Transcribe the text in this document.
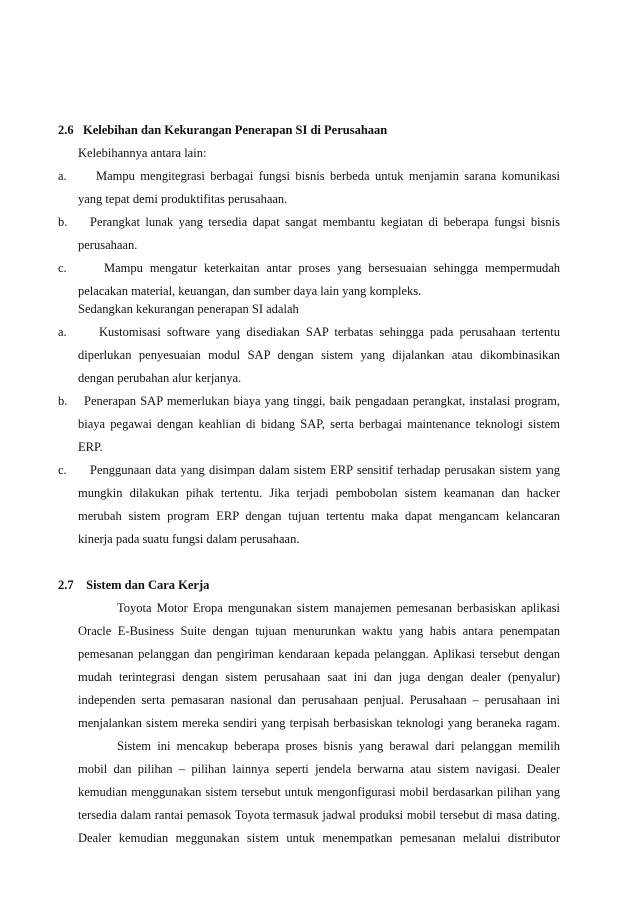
2.6 Kelebihan dan Kekurangan Penerapan SI di Perusahaan
Kelebihannya antara lain:
a. Mampu mengitegrasi berbagai fungsi bisnis berbeda untuk menjamin sarana komunikasi
yang tepat demi produktifitas perusahaan.
b. Perangkat lunak yang tersedia dapat sangat membantu kegiatan di beberapa fungsi bisnis
perusahaan.
c.	Mampu mengatur keterkaitan antar proses yang bersesuaian sehingga mempermudah
pelacakan material, keuangan, dan sumber daya lain yang kompleks.
Sedangkan kekurangan penerapan SI adalah
a.	Kustomisasi software yang disediakan SAP terbatas sehingga pada perusahaan tertentu
diperlukan penyesuaian modul SAP dengan sistem yang dijalankan atau dikombinasikan
dengan perubahan alur kerjanya.
b. Penerapan SAP memerlukan biaya yang tinggi, baik pengadaan perangkat, instalasi program,
biaya pegawai dengan keahlian di bidang SAP, serta berbagai maintenance teknologi sistem
ERP.
c. Penggunaan data yang disimpan dalam sistem ERP sensitif terhadap perusakan sistem yang
mungkin dilakukan pihak tertentu. Jika terjadi pembobolan sistem keamanan dan hacker
merubah sistem program ERP dengan tujuan tertentu maka dapat mengancam kelancaran
kinerja pada suatu fungsi dalam perusahaan.
2.7 Sistem dan Cara Kerja
Toyota Motor Eropa mengunakan sistem manajemen pemesanan berbasiskan aplikasi
Oracle E-Business Suite dengan tujuan menurunkan waktu yang habis antara penempatan
pemesanan pelanggan dan pengiriman kendaraan kepada pelanggan. Aplikasi tersebut dengan
mudah terintegrasi dengan sistem perusahaan saat ini dan juga dengan dealer (penyalur)
independen serta pemasaran nasional dan perusahaan penjual. Perusahaan – perusahaan ini
menjalankan sistem mereka sendiri yang terpisah berbasiskan teknologi yang beraneka ragam.
Sistem ini mencakup beberapa proses bisnis yang berawal dari pelanggan memilih
mobil dan pilihan – pilihan lainnya seperti jendela berwarna atau sistem navigasi. Dealer
kemudian menggunakan sistem tersebut untuk mengonfigurasi mobil berdasarkan pilihan yang
tersedia dalam rantai pemasok Toyota termasuk jadwal produksi mobil tersebut di masa dating.
Dealer kemudian meggunakan sistem untuk menempatkan pemesanan melalui distributor
